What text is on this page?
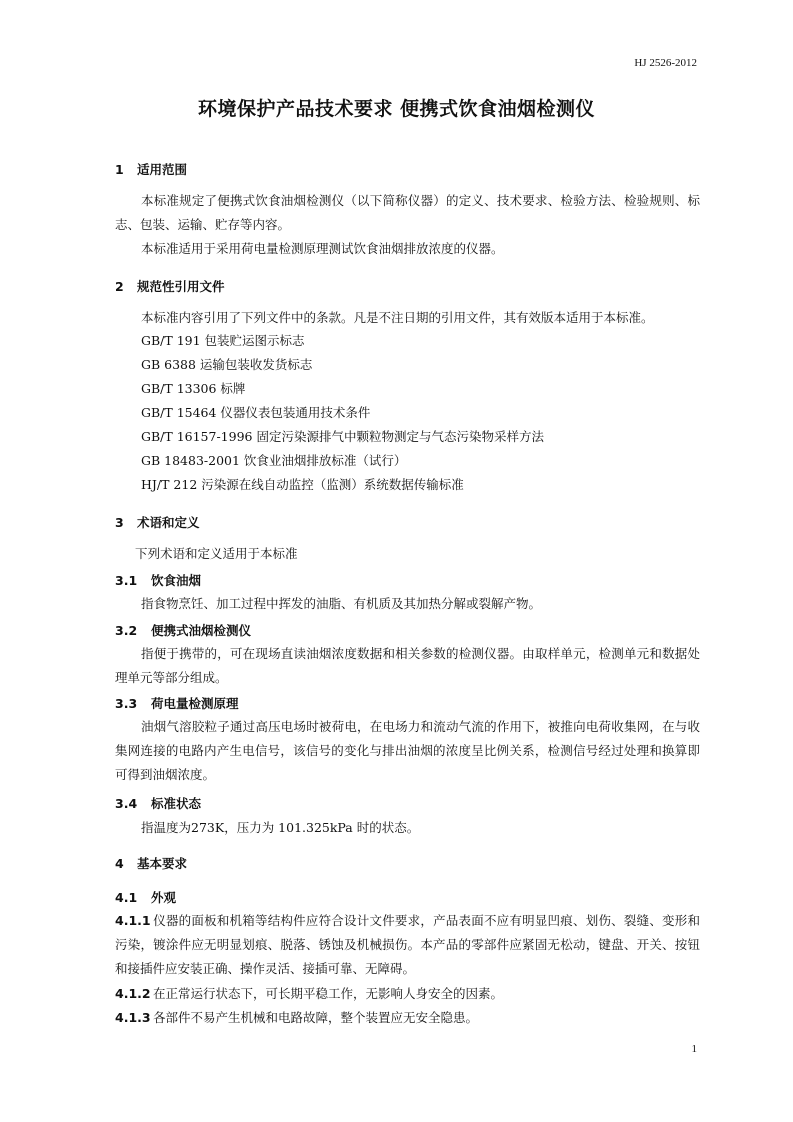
HJ 2526-2012
环境保护产品技术要求 便携式饮食油烟检测仪
1 适用范围
本标准规定了便携式饮食油烟检测仪（以下简称仪器）的定义、技术要求、检验方法、检验规则、标志、包装、运输、贮存等内容。
本标准适用于采用荷电量检测原理测试饮食油烟排放浓度的仪器。
2 规范性引用文件
本标准内容引用了下列文件中的条款。凡是不注日期的引用文件，其有效版本适用于本标准。
GB/T 191 包装贮运图示标志
GB 6388 运输包装收发货标志
GB/T 13306 标牌
GB/T 15464 仪器仪表包装通用技术条件
GB/T 16157-1996 固定污染源排气中颗粒物测定与气态污染物采样方法
GB 18483-2001 饮食业油烟排放标准（试行）
HJ/T 212 污染源在线自动监控（监测）系统数据传输标准
3 术语和定义
下列术语和定义适用于本标准
3.1 饮食油烟
指食物烹饪、加工过程中挥发的油脂、有机质及其加热分解或裂解产物。
3.2 便携式油烟检测仪
指便于携带的，可在现场直读油烟浓度数据和相关参数的检测仪器。由取样单元，检测单元和数据处理单元等部分组成。
3.3 荷电量检测原理
油烟气溶胶粒子通过高压电场时被荷电，在电场力和流动气流的作用下，被推向电荷收集网，在与收集网连接的电路内产生电信号，该信号的变化与排出油烟的浓度呈比例关系，检测信号经过处理和换算即可得到油烟浓度。
3.4 标准状态
指温度为273K，压力为 101.325kPa 时的状态。
4 基本要求
4.1 外观
4.1.1 仪器的面板和机箱等结构件应符合设计文件要求，产品表面不应有明显凹痕、划伤、裂缝、变形和污染，镀涂件应无明显划痕、脱落、锈蚀及机械损伤。本产品的零部件应紧固无松动，键盘、开关、按钮和接插件应安装正确、操作灵活、接插可靠、无障碍。
4.1.2 在正常运行状态下，可长期平稳工作，无影响人身安全的因素。
4.1.3 各部件不易产生机械和电路故障，整个装置应无安全隐患。
1
